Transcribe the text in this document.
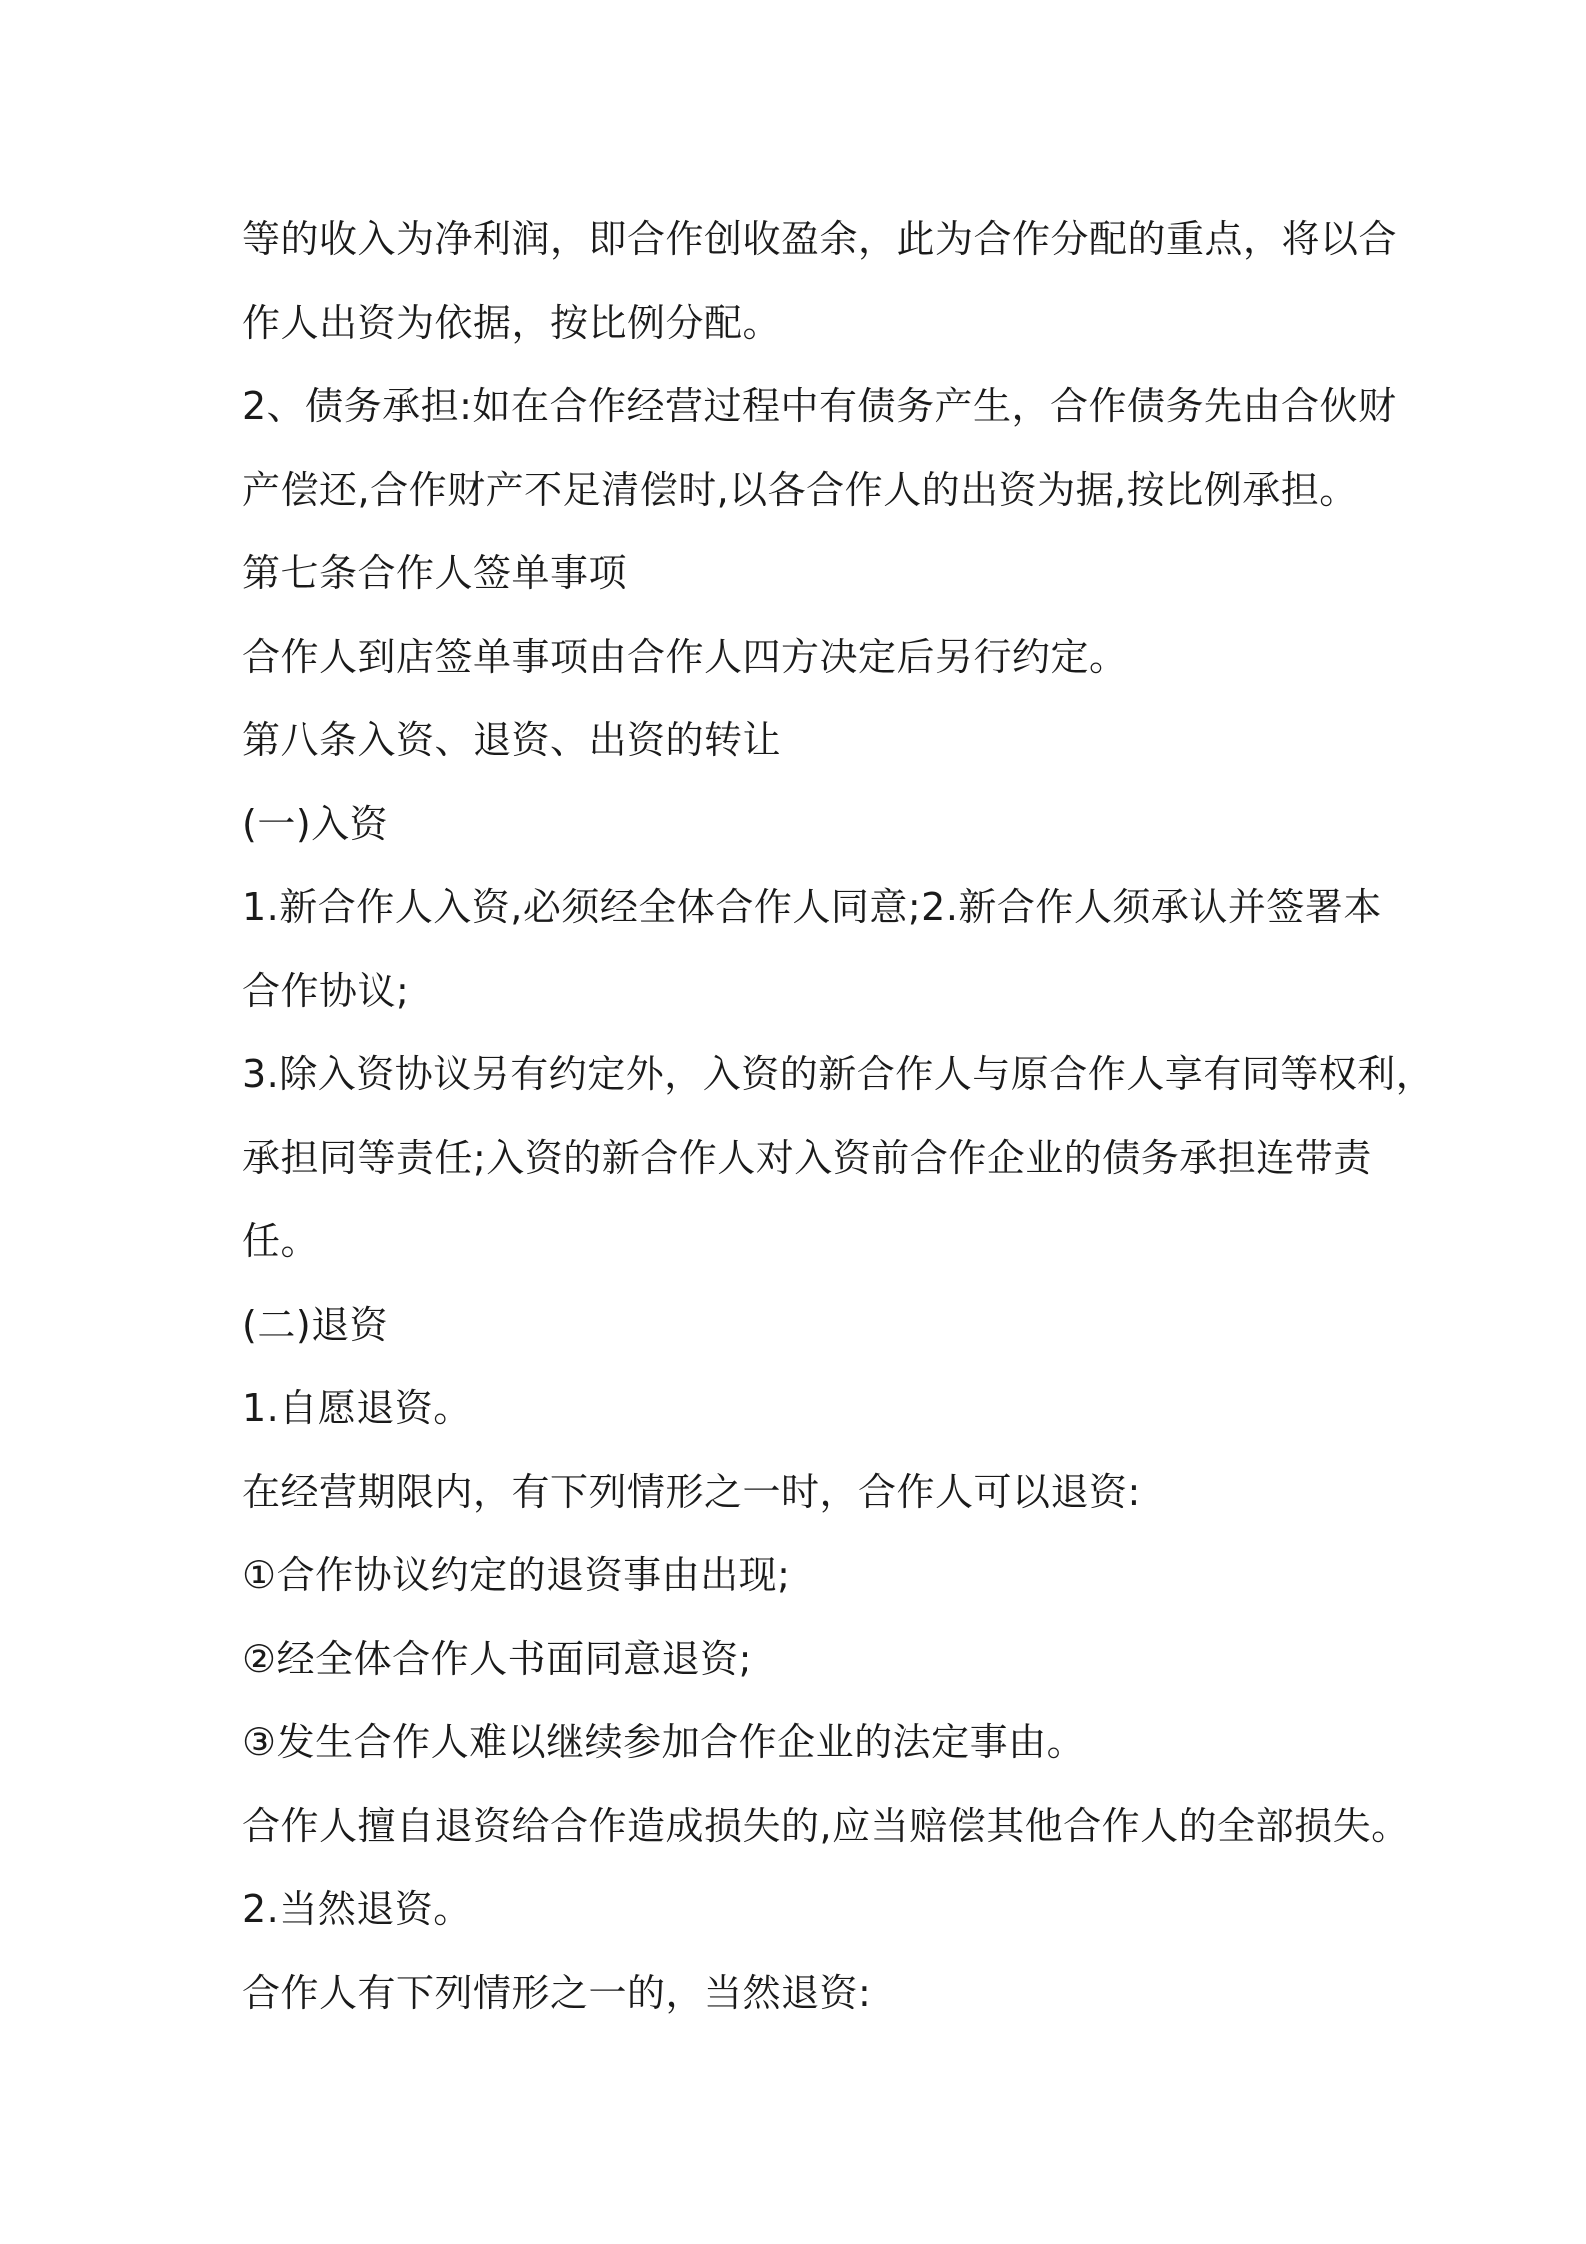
等的收入为净利润，即合作创收盈余，此为合作分配的重点，将以合
作人出资为依据，按比例分配。
2、债务承担:如在合作经营过程中有债务产生，合作债务先由合伙财
产偿还,合作财产不足清偿时,以各合作人的出资为据,按比例承担。
第七条合作人签单事项
合作人到店签单事项由合作人四方决定后另行约定。
第八条入资、退资、出资的转让
(一)入资
1.新合作人入资,必须经全体合作人同意;2.新合作人须承认并签署本
合作协议;
3.除入资协议另有约定外，入资的新合作人与原合作人享有同等权利，
承担同等责任;入资的新合作人对入资前合作企业的债务承担连带责
任。
(二)退资
1.自愿退资。
在经营期限内，有下列情形之一时，合作人可以退资:
①合作协议约定的退资事由出现;
②经全体合作人书面同意退资;
③发生合作人难以继续参加合作企业的法定事由。
合作人擅自退资给合作造成损失的,应当赔偿其他合作人的全部损失。
2.当然退资。
合作人有下列情形之一的，当然退资:
